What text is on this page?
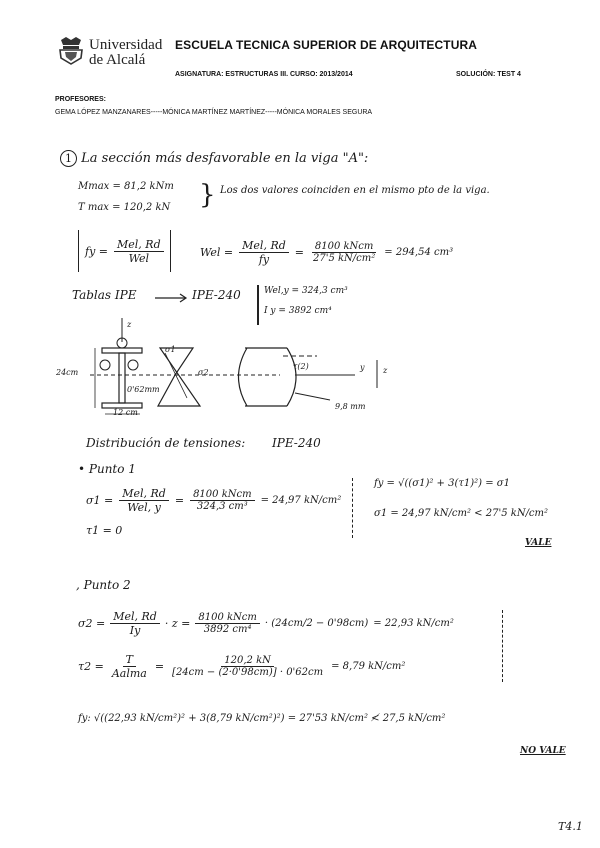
Universidad
de Alcalá
ESCUELA TECNICA SUPERIOR DE ARQUITECTURA
ASIGNATURA: ESTRUCTURAS III. CURSO: 2013/2014	SOLUCIÓN: TEST 4
PROFESORES:
GEMA LÓPEZ MANZANARES-----MÓNICA MARTÍNEZ MARTÍNEZ-----MÓNICA MORALES SEGURA
1 La sección más desfavorable en la viga "A":
Mmax = 81,2 kNm
T max = 120,2 kN } Los dos valores coinciden en el mismo pto de la viga.
fy = $\frac{\text{Mel, Rd}}{\text{Wel}}$	Wel = $\frac{\text{Mel, Rd}}{fy} = \frac{\text{8100 kNcm}}{\text{27'5 kN/cm²}} = 294,54$ cm³
Tablas IPE	IPE-240	Wel,y = 324,3 cm³
I y = 3892 cm⁴
z
24cm
12 cm
0'62mm
σ1
σ2
τ(2)	y z
9,8 mm
Distribución de tensiones: IPE-240
• Punto 1
$\sigma 1 = \frac{\text{Mel, Rd}}{\text{Wel, y}} = \frac{\text{8100 kNcm}}{\text{324,3 cm³}} = 24,97$ kN/cm²
τ1 = 0
fy = √((σ1)² + 3(τ1)²) = σ1
σ1 = 24,97 kN/cm² < 27'5 kN/cm²
VALE
, Punto 2
$\sigma 2 = \frac{\text{Mel, Rd}}{Iy} \cdot z = \frac{\text{8100 kNcm}}{\text{3892 cm⁴}} \cdot (24cm/2 - 0'98cm) = 22,93$ kN/cm²
$\tau 2 = \frac{T}{\text{Aalma}} = \frac{120,2 kN}{[24cm - (2\cdot 0'98cm)] \cdot 0'62cm} = 8,79$ kN/cm²
fy: √((22,93 kN/cm²)² + 3(8,79 kN/cm²)²) = 27'53 kN/cm² ≮ 27,5 kN/cm²
NO VALE
T4.1
